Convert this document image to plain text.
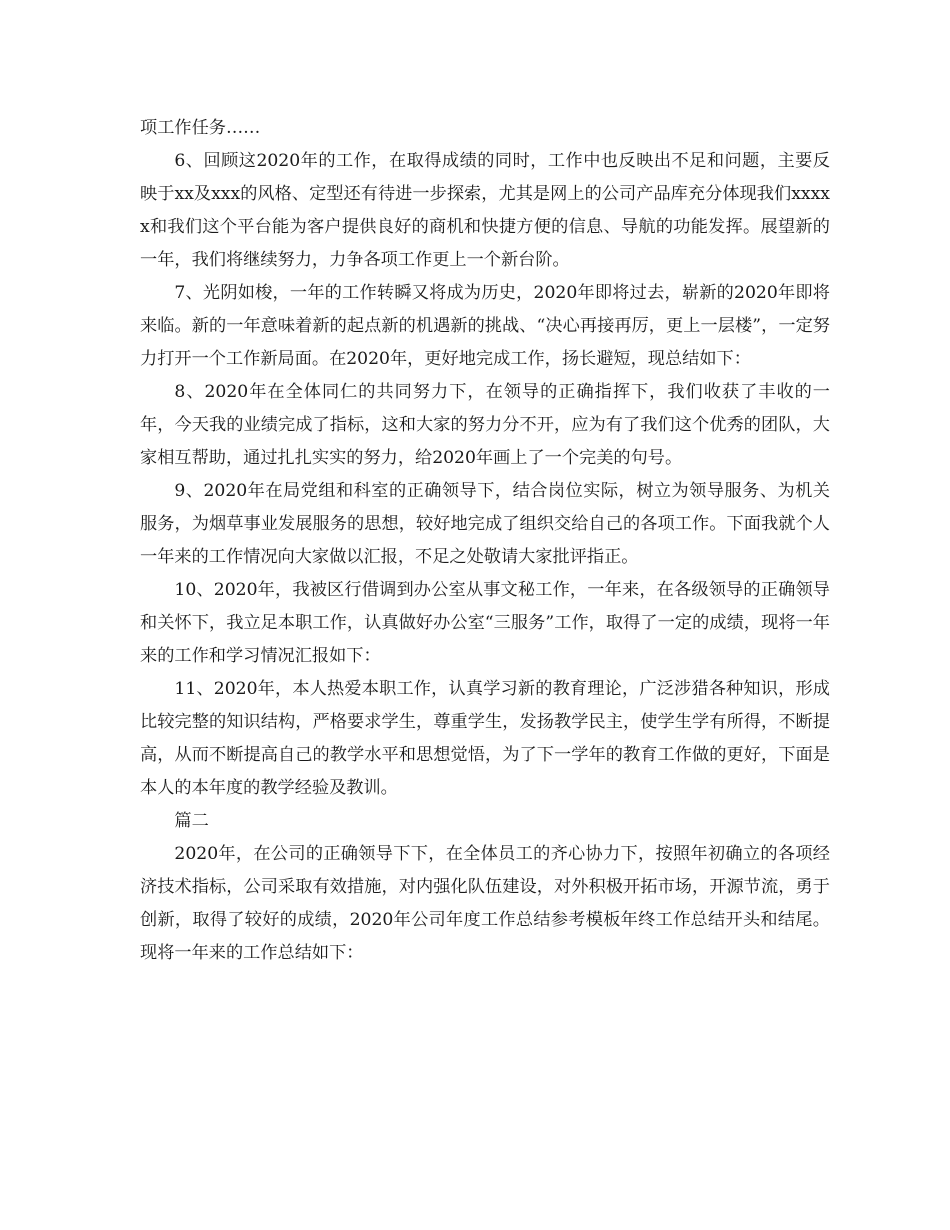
项工作任务……

6、回顾这2020年的工作，在取得成绩的同时，工作中也反映出不足和问题，主要反映于xx及xxx的风格、定型还有待进一步探索，尤其是网上的公司产品库充分体现我们xxxxx和我们这个平台能为客户提供良好的商机和快捷方便的信息、导航的功能发挥。展望新的一年，我们将继续努力，力争各项工作更上一个新台阶。

7、光阴如梭，一年的工作转瞬又将成为历史，2020年即将过去，崭新的2020年即将来临。新的一年意味着新的起点新的机遇新的挑战、“决心再接再厉，更上一层楼”，一定努力打开一个工作新局面。在2020年，更好地完成工作，扬长避短，现总结如下：

8、2020年在全体同仁的共同努力下，在领导的正确指挥下，我们收获了丰收的一年，今天我的业绩完成了指标，这和大家的努力分不开，应为有了我们这个优秀的团队，大家相互帮助，通过扎扎实实的努力，给2020年画上了一个完美的句号。

9、2020年在局党组和科室的正确领导下，结合岗位实际，树立为领导服务、为机关服务，为烟草事业发展服务的思想，较好地完成了组织交给自己的各项工作。下面我就个人一年来的工作情况向大家做以汇报，不足之处敬请大家批评指正。

10、2020年，我被区行借调到办公室从事文秘工作，一年来，在各级领导的正确领导和关怀下，我立足本职工作，认真做好办公室“三服务”工作，取得了一定的成绩，现将一年来的工作和学习情况汇报如下：

11、2020年，本人热爱本职工作，认真学习新的教育理论，广泛涉猎各种知识，形成比较完整的知识结构，严格要求学生，尊重学生，发扬教学民主，使学生学有所得，不断提高，从而不断提高自己的教学水平和思想觉悟，为了下一学年的教育工作做的更好，下面是本人的本年度的教学经验及教训。

篇二

2020年，在公司的正确领导下下，在全体员工的齐心协力下，按照年初确立的各项经济技术指标，公司采取有效措施，对内强化队伍建设，对外积极开拓市场，开源节流，勇于创新，取得了较好的成绩，2020年公司年度工作总结参考模板年终工作总结开头和结尾。现将一年来的工作总结如下：
